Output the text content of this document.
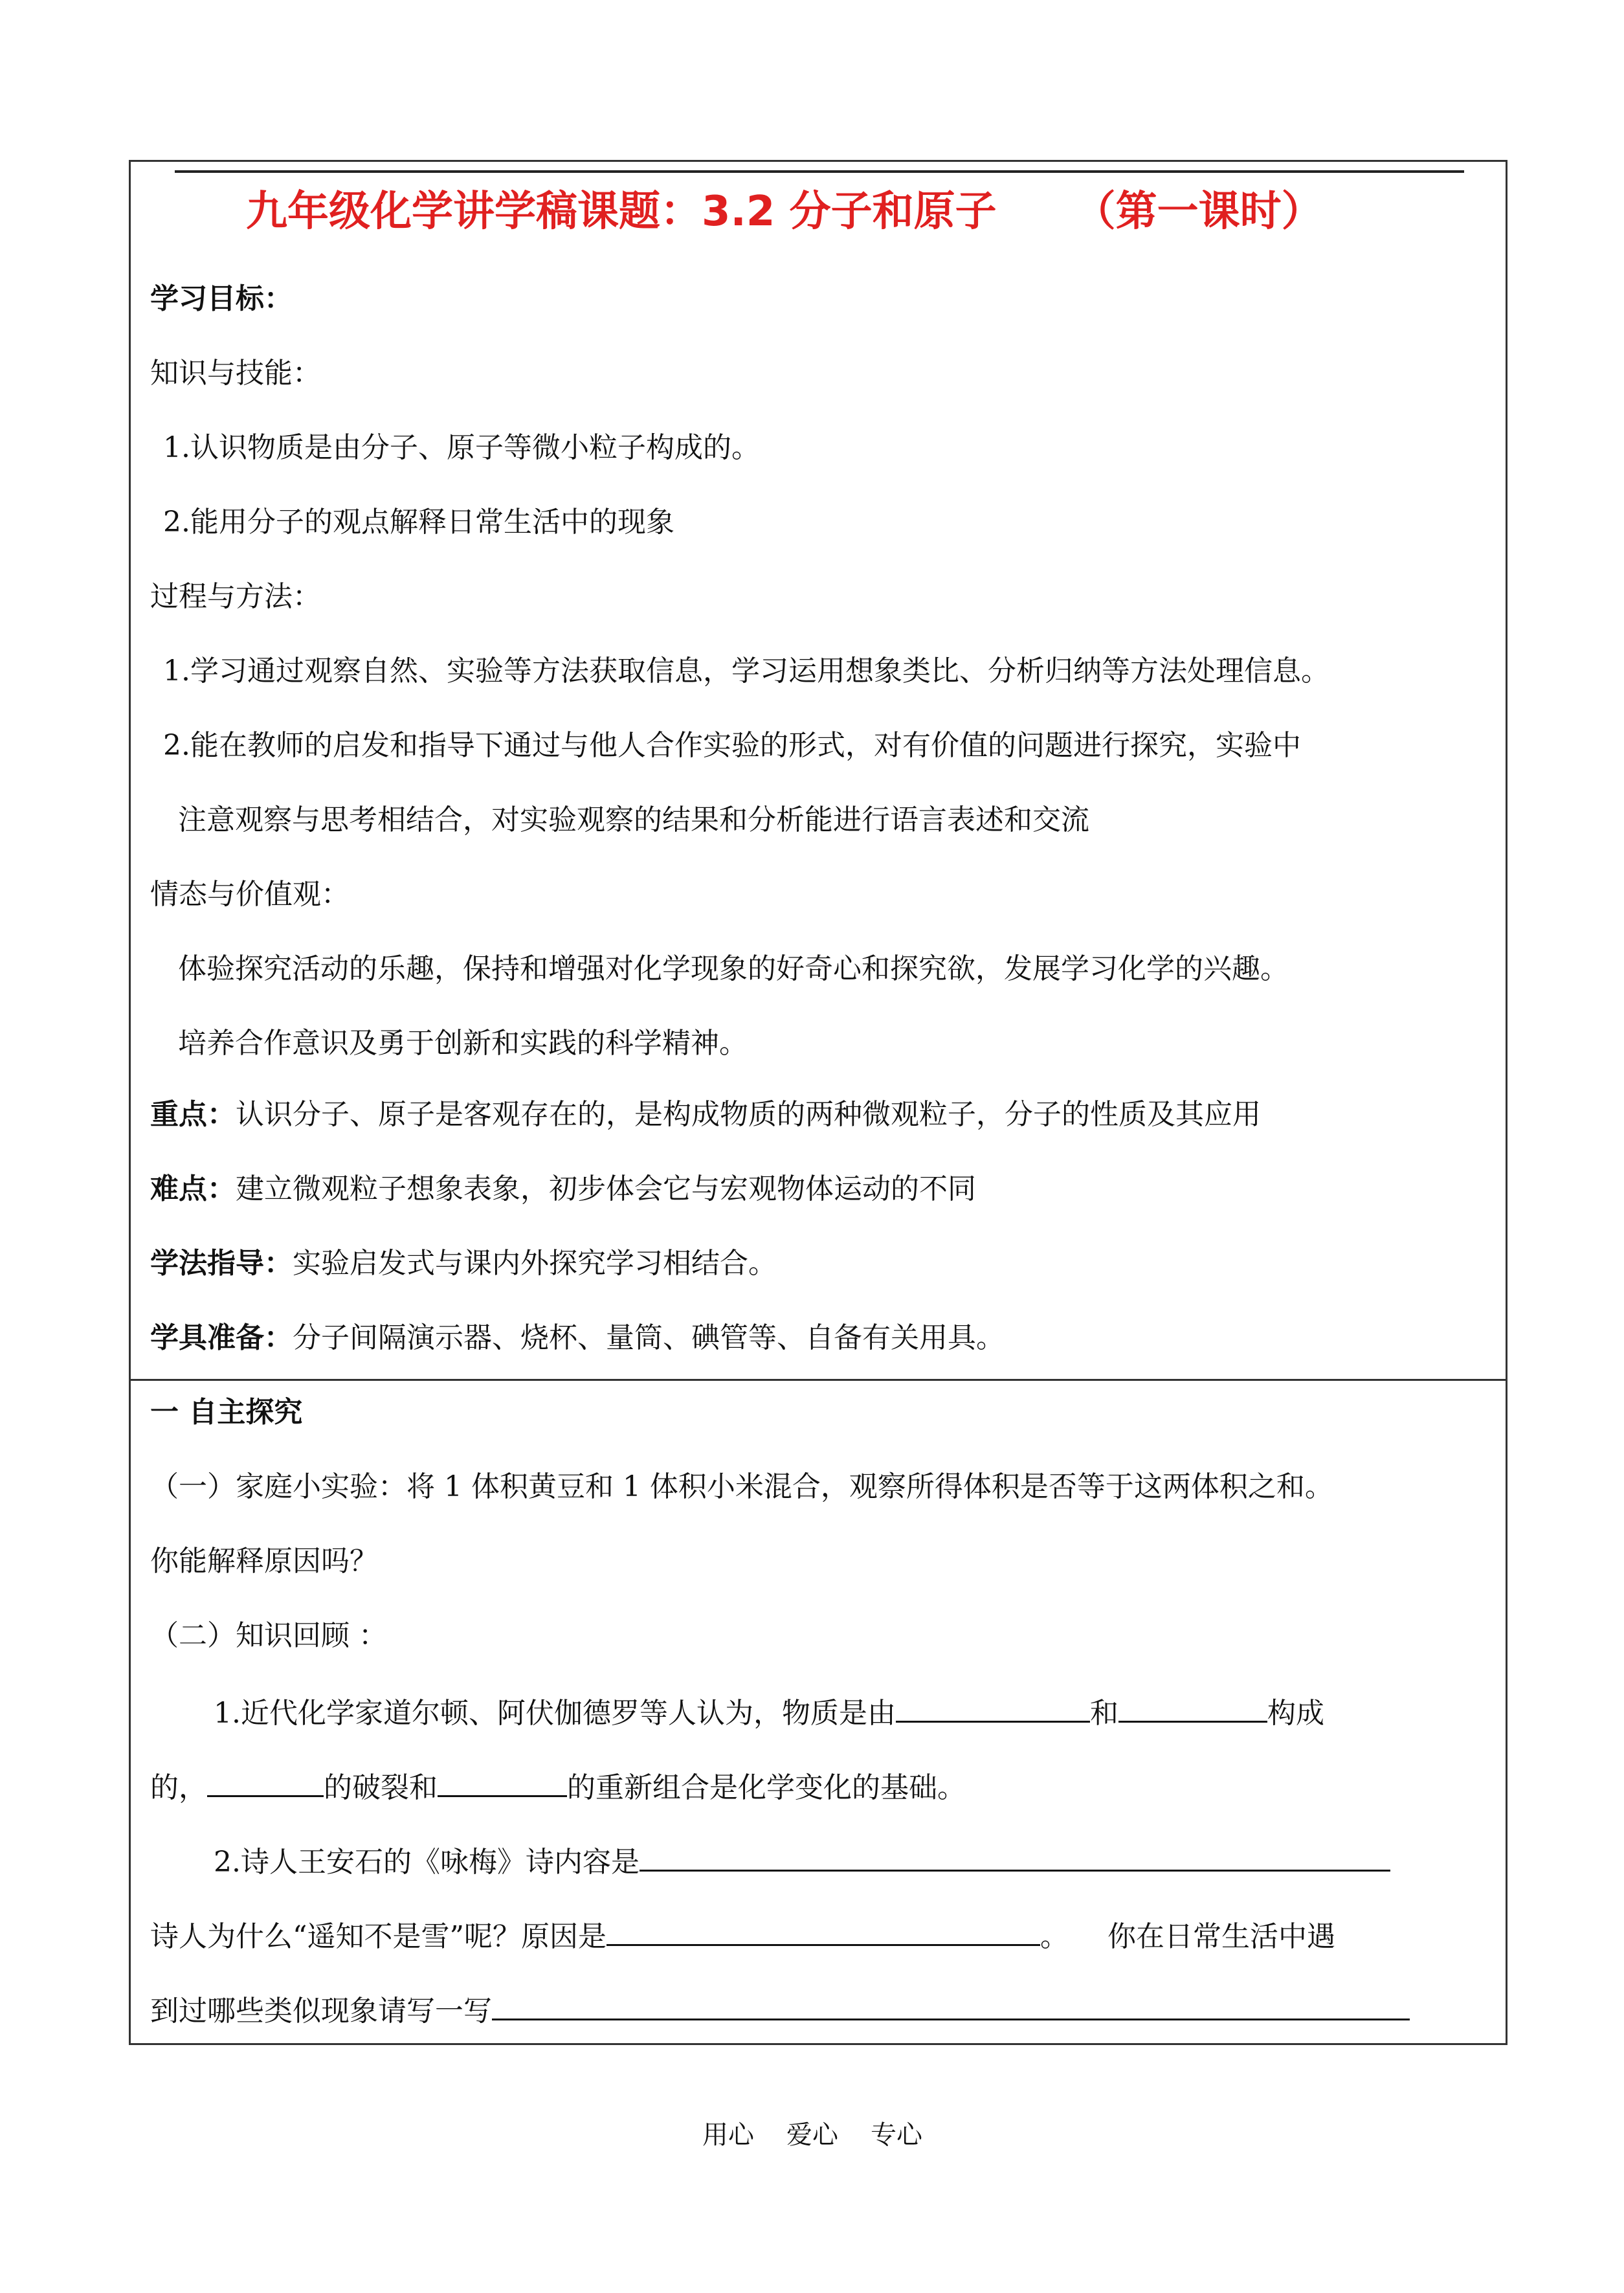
九年级化学讲学稿课题：3.2 分子和原子 （第一课时）
学习目标：
知识与技能：
1.认识物质是由分子、原子等微小粒子构成的。
2.能用分子的观点解释日常生活中的现象
过程与方法：
1.学习通过观察自然、实验等方法获取信息，学习运用想象类比、分析归纳等方法处理信息。
2.能在教师的启发和指导下通过与他人合作实验的形式，对有价值的问题进行探究，实验中
注意观察与思考相结合，对实验观察的结果和分析能进行语言表述和交流
情态与价值观：
体验探究活动的乐趣，保持和增强对化学现象的好奇心和探究欲，发展学习化学的兴趣。
培养合作意识及勇于创新和实践的科学精神。
重点：认识分子、原子是客观存在的，是构成物质的两种微观粒子，分子的性质及其应用
难点：建立微观粒子想象表象，初步体会它与宏观物体运动的不同
学法指导：实验启发式与课内外探究学习相结合。
学具准备：分子间隔演示器、烧杯、量筒、碘管等、自备有关用具。
一 自主探究
（一）家庭小实验：将 1 体积黄豆和 1 体积小米混合，观察所得体积是否等于这两体积之和。
你能解释原因吗？
（二）知识回顾 ：
1.近代化学家道尔顿、阿伏伽德罗等人认为，物质是由	和	构成
的，	的破裂和	的重新组合是化学变化的基础。
2.诗人王安石的《咏梅》诗内容是
诗人为什么“遥知不是雪”呢？原因是	。 你在日常生活中遇
到过哪些类似现象请写一写
用心 爱心 专心
